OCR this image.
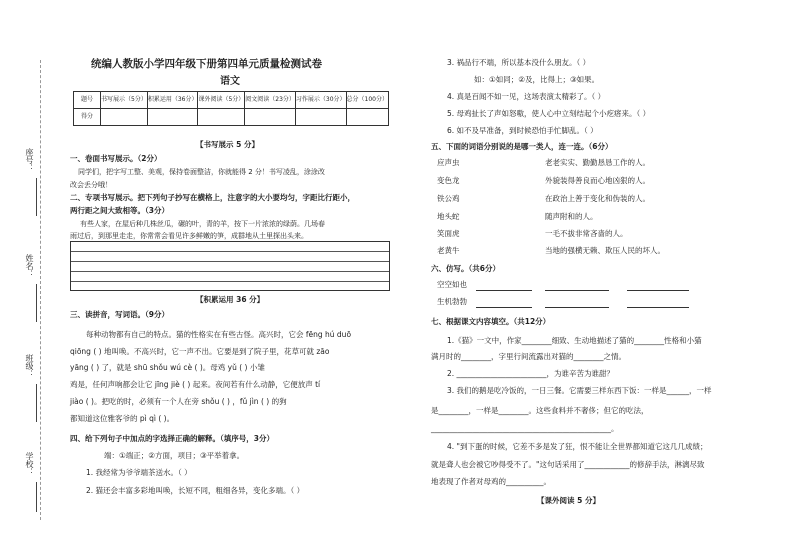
座号：
姓名：
班级：
学校：
统编人教版小学四年级下册第四单元质量检测试卷
语文
题号	书写展示（5分）	积累运用（36分）	课外阅读（5分）	阅文阅读（23分）	习作展示（30分）	总分（100分）
得分						
【书写展示 5 分】
一、卷面书写展示。（2分）
同学们，把字写工整、美观，保持卷面整洁，你就能得 2 分！书写凌乱，涂涂改
改会丢分哦！
二、专项书写展示。把下列句子抄写在横格上，注意字的大小要均匀，字距比行距小，
两行距之间大致相等。（3分）
有些人家，在屋后种几株丝瓜，碾的叶，青的羊，按下一片浓浓的绿荫。几场春
雨过后，到那里走走，你常常会看见许多鲜嫩的笋，成群地从土里探出头来。
【积累运用 36 分】
三、读拼音，写词语。（9分）
每种动物都有自己的特点。猫的性格实在有些古怪。高兴时，它会 fēng hú duō
qiōng ( ) 地叫唤。不高兴时，它一声不出。它要是到了院子里，花草可就 zāo
yāng ( ) 了，就是 shū shǒu wú cè ( )。母鸡 yǔ ( ) 小雏
鸡是，任何声响都会让它 jīng jiè ( ) 起来。夜间若有什么动静，它便放声 tí
jiào ( )。把吃的时，必须有一个人在旁 shǒu ( ) ，fǔ jìn ( ) 的狗
都知道这位雅客爷的 pì qì ( )。
四、给下列句子中加点的字选择正确的解释。（填序号，3分）
端：①端正；②方面，项目；③平举着拿。
1. 我经常为爷爷端茶送水。（ ）
2. 猫还会丰富多彩地叫唤，长短不同，粗细各异，变化多端。（ ）
3. 祸品行不端，所以基本没什么朋友。（ ）
如：①如同；②及，比得上；③如果。
4. 真是百闻不如一见，这场表演太精彩了。（ ）
5. 母鸡扯长了声如怒嗷，使人心中立刻结起个小疙瘩来。（ ）
6. 如不及早准备，到时候恐怕手忙脚乱。（ ）
五、下面的词语分别说的是哪一类人，连一连。（6分）
应声虫
变色龙
铁公鸡
地头蛇
笑面虎
老黄牛
老老实实、勤勤恳恳工作的人。
外貌装得善良而心地凶狠的人。
在政治上善于变化和伪装的人。
随声附和的人。
一毛不拔非常吝啬的人。
当地的强横无赖、欺压人民的坏人。
六、仿写。（共6分）
空空如也
生机勃勃
七、根据课文内容填空。（共12分）
1.《猫》一文中，作家________细致、生动地描述了猫的________性格和小猫
满月时的________，字里行间流露出对猫的________之情。
2. ________________________，为谁辛苦为谁甜？
3. 我们的鹅是吃冷饭的，一日三餐。它需要三样东西下饭：一样是______，一样
是________，一样是________。这些食料并不奢侈；但它的吃法，
________________________________________________。
4. "到下蛋的时候，它差不多是发了狂，恨不能让全世界都知道它这几几成绩；
就是聋人也会被它吵得受不了。"这句话采用了____________的修辞手法，淋漓尽致
地表现了作者对母鸡的__________。
【课外阅读 5 分】
